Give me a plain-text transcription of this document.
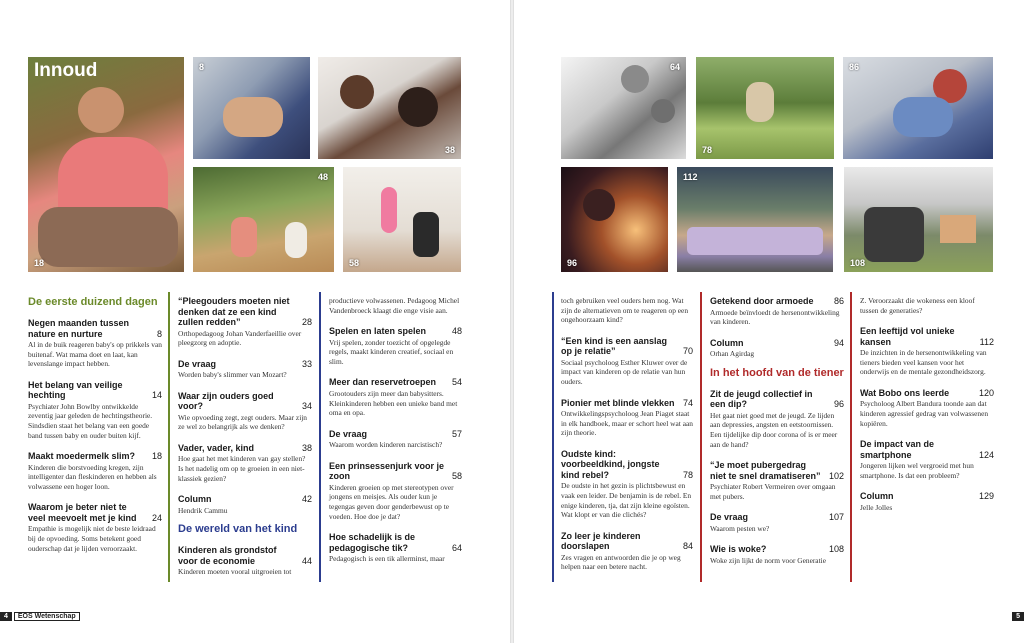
18
Innoud	8
38
48
58
De eerste duizend dagen
Negen maanden tussen nature en nurture	8
Al in de buik reageren baby's op prikkels van buitenaf. Wat mama doet en laat, kan levenslange impact hebben.
Het belang van veilige hechting	14
Psychiater John Bowlby ontwikkelde zeventig jaar geleden de hechtingstheorie. Sindsdien staat het belang van een goede band tussen baby en ouder buiten kijf.
Maakt moedermelk slim?	18
Kinderen die borstvoeding kregen, zijn intelligenter dan fleskinderen en hebben als volwassene een hoger loon.
Waarom je beter niet te veel meevoelt met je kind	24
Empathie is mogelijk niet de beste leidraad bij de opvoeding. Soms betekent goed ouderschap dat je lijden veroorzaakt.
“Pleegouders moeten niet denken dat ze een kind zullen redden”	28
Orthopedagoog Johan Vanderfaeillie over pleegzorg en adoptie.
De vraag	33
Worden baby's slimmer van Mozart?
Waar zijn ouders goed voor?	34
Wie opvoeding zegt, zegt ouders. Maar zijn ze wel zo belangrijk als we denken?
Vader, vader, kind	38
Hoe gaat het met kinderen van gay stellen? Is het nadelig om op te groeien in een niet-klassiek gezien?
Column	42
Hendrik Cammu
De wereld van het kind
Kinderen als grondstof voor de economie	44
Kinderen moeten vooral uitgroeien tot
productieve volwassenen. Pedagoog Michel Vandenbroeck klaagt die enge visie aan.
Spelen en laten spelen	48
Vrij spelen, zonder toezicht of opgelegde regels, maakt kinderen creatief, sociaal en slim.
Meer dan reservetroepen	54
Grootouders zijn meer dan babysitters. Kleinkinderen hebben een unieke band met oma en opa.
De vraag	57
Waarom worden kinderen narcistisch?
Een prinsessenjurk voor je zoon	58
Kinderen groeien op met stereotypen over jongens en meisjes. Als ouder kun je tegengas geven door genderbewust op te voeden. Hoe doe je dat?
Hoe schadelijk is de pedagogische tik?	64
Pedagogisch is een tik allerminst, maar
4 EOS Wetenschap
64
78
86
96
112
108
toch gebruiken veel ouders hem nog. Wat zijn de alternatieven om te reageren op een ongehoorzaam kind?
“Een kind is een aanslag op je relatie”	70
Sociaal psycholoog Esther Kluwer over de impact van kinderen op de relatie van hun ouders.
Pionier met blinde vlekken 74
Ontwikkelingspsycholoog Jean Piaget staat in elk handboek, maar er schort heel wat aan zijn theorie.
Oudste kind: voorbeeldkind, jongste kind rebel?	78
De oudste in het gezin is plichtsbewust en vaak een leider. De benjamin is de rebel. En enige kinderen, tja, dat zijn kleine egoïsten. Wat klopt er van die clichés?
Zo leer je kinderen doorslapen	84
Zes vragen en antwoorden die je op weg helpen naar een betere nacht.
Getekend door armoede	86
Armoede beïnvloedt de hersenontwikkeling van kinderen.
Column	94
Orhan Agirdag
In het hoofd van de tiener
Zit de jeugd collectief in een dip?	96
Het gaat niet goed met de jeugd. Ze lijden aan depressies, angsten en eetstoornissen. Een tijdelijke dip door corona of is er meer aan de hand?
“Je moet pubergedrag niet te snel dramatiseren” 102
Psychiater Robert Vermeiren over omgaan met pubers.
De vraag	107
Waarom pesten we?
Wie is woke?	108
Woke zijn lijkt de norm voor Generatie
Z. Veroorzaakt die wokeness een kloof tussen de generaties?
Een leeftijd vol unieke kansen	112
De inzichten in de hersenontwikkeling van tieners bieden veel kansen voor het onderwijs en de mentale gezondheidszorg.
Wat Bobo ons leerde	120
Psycholoog Albert Bandura toonde aan dat kinderen agressief gedrag van volwassenen kopiëren.
De impact van de smartphone	124
Jongeren lijken wel vergroeid met hun smartphone. Is dat een probleem?
Column	129
Jelle Jolles
5
